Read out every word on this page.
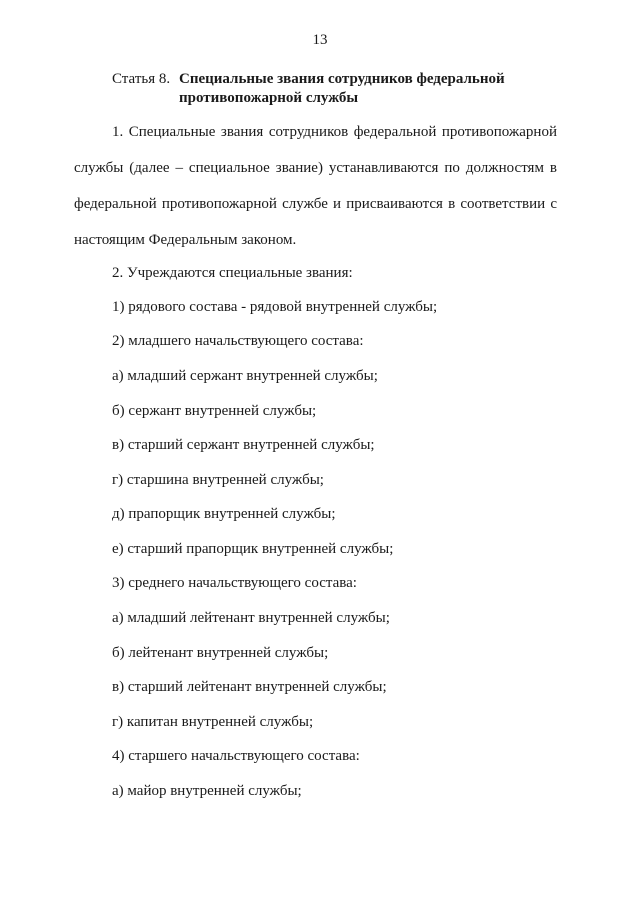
13
Статья 8. Специальные звания сотрудников федеральной
противопожарной службы
1. Специальные звания сотрудников федеральной противопожарной службы (далее – специальное звание) устанавливаются по должностям в федеральной противопожарной службе и присваиваются в соответствии с настоящим Федеральным законом.
2. Учреждаются специальные звания:
1) рядового состава - рядовой внутренней службы;
2) младшего начальствующего состава:
а) младший сержант внутренней службы;
б) сержант внутренней службы;
в) старший сержант внутренней службы;
г) старшина внутренней службы;
д) прапорщик внутренней службы;
е) старший прапорщик внутренней службы;
3) среднего начальствующего состава:
а) младший лейтенант внутренней службы;
б) лейтенант внутренней службы;
в) старший лейтенант внутренней службы;
г) капитан внутренней службы;
4) старшего начальствующего состава:
а) майор внутренней службы;
